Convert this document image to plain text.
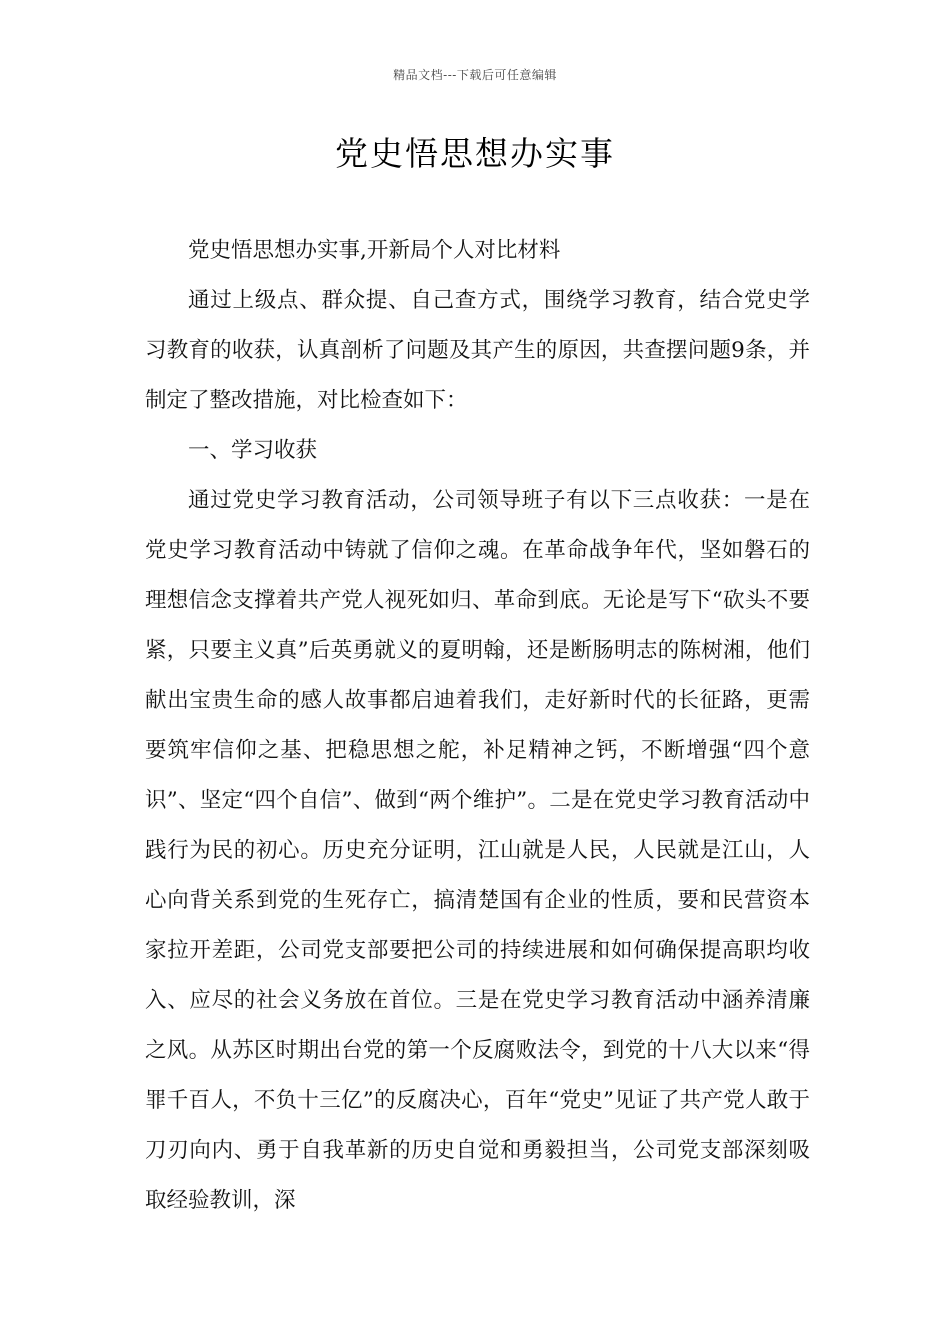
精品文档---下载后可任意编辑
党史悟思想办实事

党史悟思想办实事,开新局个人对比材料

通过上级点、群众提、自己查方式，围绕学习教育，结合党史学习教育的收获，认真剖析了问题及其产生的原因，共查摆问题9条，并制定了整改措施，对比检查如下：

一、学习收获

通过党史学习教育活动，公司领导班子有以下三点收获：一是在党史学习教育活动中铸就了信仰之魂。在革命战争年代，坚如磐石的理想信念支撑着共产党人视死如归、革命到底。无论是写下“砍头不要紧，只要主义真”后英勇就义的夏明翰，还是断肠明志的陈树湘，他们献出宝贵生命的感人故事都启迪着我们，走好新时代的长征路，更需要筑牢信仰之基、把稳思想之舵，补足精神之钙，不断增强“四个意识”、坚定“四个自信”、做到“两个维护”。二是在党史学习教育活动中践行为民的初心。历史充分证明，江山就是人民，人民就是江山，人心向背关系到党的生死存亡，搞清楚国有企业的性质，要和民营资本家拉开差距，公司党支部要把公司的持续进展和如何确保提高职均收入、应尽的社会义务放在首位。三是在党史学习教育活动中涵养清廉之风。从苏区时期出台党的第一个反腐败法令，到党的十八大以来“得罪千百人，不负十三亿”的反腐决心，百年“党史”见证了共产党人敢于刀刃向内、勇于自我革新的历史自觉和勇毅担当，公司党支部深刻吸取经验教训，深
